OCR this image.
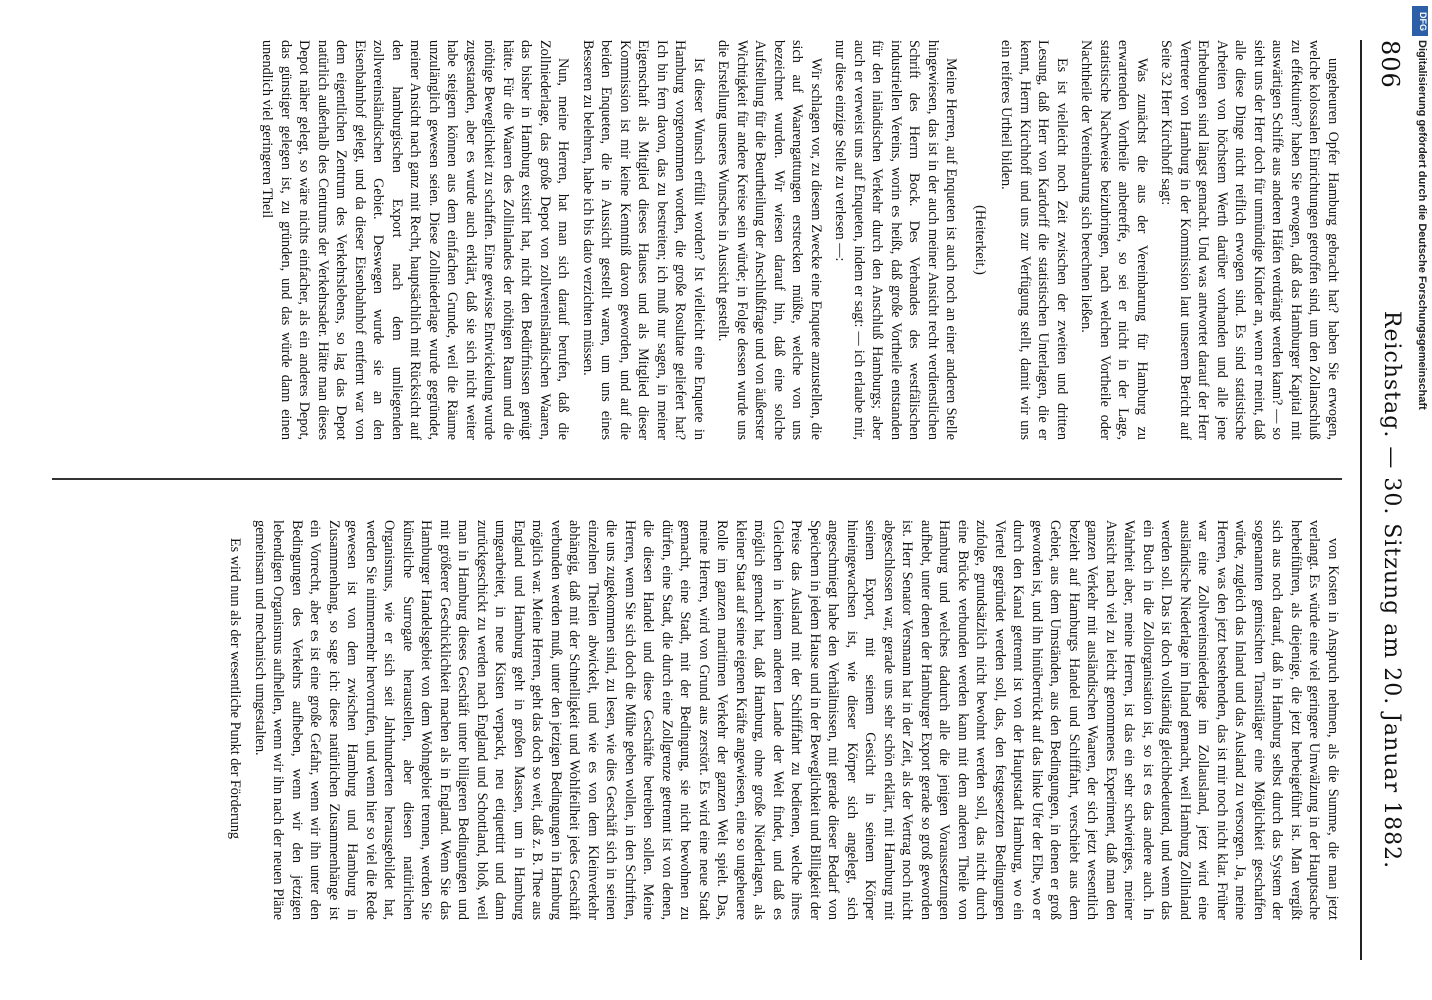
806
Reichstag. — 30. Sitzung am 20. Januar 1882.

ungeheuren Opfer Hamburg gebracht hat? haben Sie erwogen, welche kolossalen Einrichtungen getroffen sind, um den Zollanschluß zu effektuiren? haben Sie erwogen, daß das Hamburger Kapital mit auswärtigen Schiffe aus anderen Häfen verdrängt werden kann? — so sieht uns der Herr doch für unmündige Kinder an, wenn er meint, daß alle diese Dinge nicht reiflich erwogen sind. Es sind statistische Arbeiten von höchstem Werth darüber vorhanden und alle jene Erhebungen sind längst gemacht. Und was antwortet darauf der Herr Vertreter von Hamburg in der Kommission laut unserem Bericht auf Seite 32 Herr Kirchhoff sagt:

Was zunächst die aus der Vereinbarung für Hamburg zu erwartenden Vortheile anbetreffe, so sei er nicht in der Lage, statistische Nachweise beizubringen, nach welchen Vortheile oder Nachtheile der Vereinbarung sich berechnen ließen.

Es ist vielleicht noch Zeit zwischen der zweiten und dritten Lesung, daß Herr von Kardorff die statistischen Unterlagen, die er kennt, Herrn Kirchhoff und uns zur Verfügung stellt, damit wir uns ein reiferes Urtheil bilden.

(Heiterkeit.)

Meine Herren, auf Enqueten ist auch noch an einer anderen Stelle hingewiesen, das ist in der auch meiner Ansicht recht verdienstlichen Schrift des Herrn Bock. Des Verbandes des westfälischen industriellen Vereins, worin es heißt, daß große Vortheile entstanden für den inländischen Verkehr durch den Anschluß Hamburgs; aber auch er verweist uns auf Enqueten, indem er sagt: — ich erlaube mir, nur diese einzige Stelle zu verlesen —:

Wir schlagen vor, zu diesem Zwecke eine Enquete anzustellen, die sich auf Waarengattungen erstrecken müßte, welche von uns bezeichnet wurden. Wir wiesen darauf hin, daß eine solche Aufstellung für die Beurtheilung der Anschlußfrage und von äußerster Wichtigkeit für andere Kreise sein würde; in Folge dessen wurde uns die Erstellung unseres Wunsches in Aussicht gestellt.

Ist dieser Wunsch erfüllt worden? Ist vielleicht eine Enquete in Hamburg vorgenommen worden, die große Rosultate geliefert hat? Ich bin fern davon, das zu bestreiten; ich muß nur sagen, in meiner Eigenschaft als Mitglied dieses Hauses und als Mitglied dieser Kommission ist mir keine Kenntniß davon geworden, und auf die beiden Enqueten, die in Aussicht gestellt waren, um uns eines Besseren zu belehren, habe ich bis dato verzichten müssen.

Nun, meine Herren, hat man sich darauf berufen, daß die Zollniederlage, das große Depot von zollvereinsländischen Waaren, das bisher in Hamburg existirt hat, nicht den Bedürfnissen genügt hätte. Für die Waaren des Zollinlandes der nöthigen Raum und die nöthige Beweglichkeit zu schaffen. Eine gewisse Entwickelung wurde zugestanden, aber es wurde auch erklärt, daß sie sich nicht weiter habe steigern können aus dem einfachen Grunde, weil die Räume unzulänglich gewesen seien. Diese Zollniederlage wurde gegründet, meiner Ansicht nach ganz mit Recht, hauptsächlich mit Rücksicht auf den hamburgischen Export nach dem umliegenden zollvereinsländischen Gebiet. Deswegen wurde sie an den Eisenbahnhof gelegt, und da dieser Eisenbahnhof entfernt war von dem eigentlichen Zentrum des Verkehrslebens, so lag das Depot natürlich außerhalb des Centrums der Verkehrsader. Hätte man dieses Depot näher gelegt, so wäre nichts einfacher, als ein anderes Depot, das günstiger gelegen ist, zu gründen, und das würde dann einen unendlich viel geringeren Theil

von Kosten in Anspruch nehmen, als die Summe, die man jetzt verlangt. Es würde eine viel geringere Umwälzung in der Hauptsache herbeiführen, als diejenige, die jetzt herbeigeführt ist. Man vergißt sich aus noch darauf, daß in Hamburg selbst durch das System der sogenannten gemischten Transitläger eine Möglichkeit geschaffen würde, zugleich das Inland und das Ausland zu versorgen. Ja, meine Herren, was den jetzt bestehenden, das ist mir noch nicht klar. Früher war eine Zollvereinsniederlage im Zollausland, jetzt wird eine ausländische Niederlage im Inland gemacht, weil Hamburg Zollinland werden soll. Das ist doch vollständig gleichbedeutend, und wenn das ein Buch in die Zollorganisation ist, so ist es das andere auch. In Wahrheit aber, meine Herren, ist das ein sehr schwieriges, meiner Ansicht nach viel zu leicht genommenes Experiment, daß man den ganzen Verkehr mit ausländischen Waaren, der sich jetzt wesentlich bezieht auf Hamburgs Handel und Schifffahrt, verschiebt aus dem Gebiet, aus dem Umständen, aus den Bedingungen, in denen er groß geworden ist, und ihn hinüberrückt auf das linke Ufer der Elbe, wo er durch den Kanal getrennt ist von der Hauptstadt Hamburg, wo ein Viertel gegründet werden soll, das, den festgesetzten Bedingungen zufolge, grundsätzlich nicht bewohnt werden soll, das nicht durch eine Brücke verbunden werden kann mit dem anderen Theile von Hamburg und welches dadurch alle die jenigen Voraussetzungen aufhebt, unter denen der Hamburger Export gerade so groß geworden ist. Herr Senator Versmann hat in der Zeit, als der Vertrag noch nicht abgeschlossen war, gerade uns sehr schön erklärt, mit Hamburg mit seinem Export, mit seinem Gesicht in seinem Körper hineingewachsen ist, wie dieser Körper sich angelegt, sich angeschmiegt habe den Verhältnissen, mit gerade dieser Bedarf von Speichern in jedem Hause und in der Beweglichkeit und Billigkeit der Preise das Ausland mit der Schifffahrt zu bedienen, welche ihres Gleichen in keinem anderen Lande der Welt findet, und daß es möglich gemacht hat, daß Hamburg, ohne große Niederlagen, als kleiner Staat auf seine eigenen Kräfte angewiesen, eine so ungeheuere Rolle im ganzen maritimen Verkehr der ganzen Welt spielt. Das, meine Herren, wird von Grund aus zerstört. Es wird eine neue Stadt gemacht, eine Stadt, mit der Bedingung, sie nicht bewohnen zu dürfen, eine Stadt, die durch eine Zollgrenze getrennt ist von denen, die diesen Handel und diese Geschäfte betreiben sollen. Meine Herren, wenn Sie sich doch die Mühe geben wollen, in den Schriften, die uns zugekommen sind, zu lesen, wie dies Geschäft sich in seinen einzelnen Theilen abwickelt, und wie es von dem Kleinverkehr abhängig, daß mit der Schnelligkeit und Wohlfeilheit jedes Geschäft verbunden werden muß, unter den jetzigen Bedingungen in Hamburg möglich war. Meine Herren, geht das doch so weit, daß z. B. Thee aus England und Hamburg geht in großen Massen, um in Hamburg umgearbeitet, in neue Kisten verpackt, neu etiquettirt und dann zurückgeschickt zu werden nach England und Schottland, bloß, weil man in Hamburg dieses Geschäft unter billigeren Bedingungen und mit größerer Geschicklichkeit machen als in England. Wenn Sie das Hamburger Handelsgebiet von dem Wohngebiet trennen, werden Sie künstliche Surrogate heraustellen, aber diesen natürlichen Organismus, wie er sich seit Jahrhunderten herausgebildet hat, werden Sie nimmermehr hervorrufen, und wenn hier so viel die Rede gewesen ist von dem zwischen Hamburg und Hamburg in Zusammenhang, so sage ich: diese natürlichen Zusammenhänge ist ein Vorrecht, aber es ist eine große Gefahr, wenn wir ihn unter den Bedingungen des Verkehrs aufheben, wenn wir den jetzigen lebendigen Organismus aufhellen, wenn wir ihn nach der neuen Pläne gemeinsam und mechanisch umgestalten.

Es wird nun als der wesentliche Punkt der Förderung

DFG
Digitalisierung gefördert durch die Deutsche Forschungsgemeinschaft
